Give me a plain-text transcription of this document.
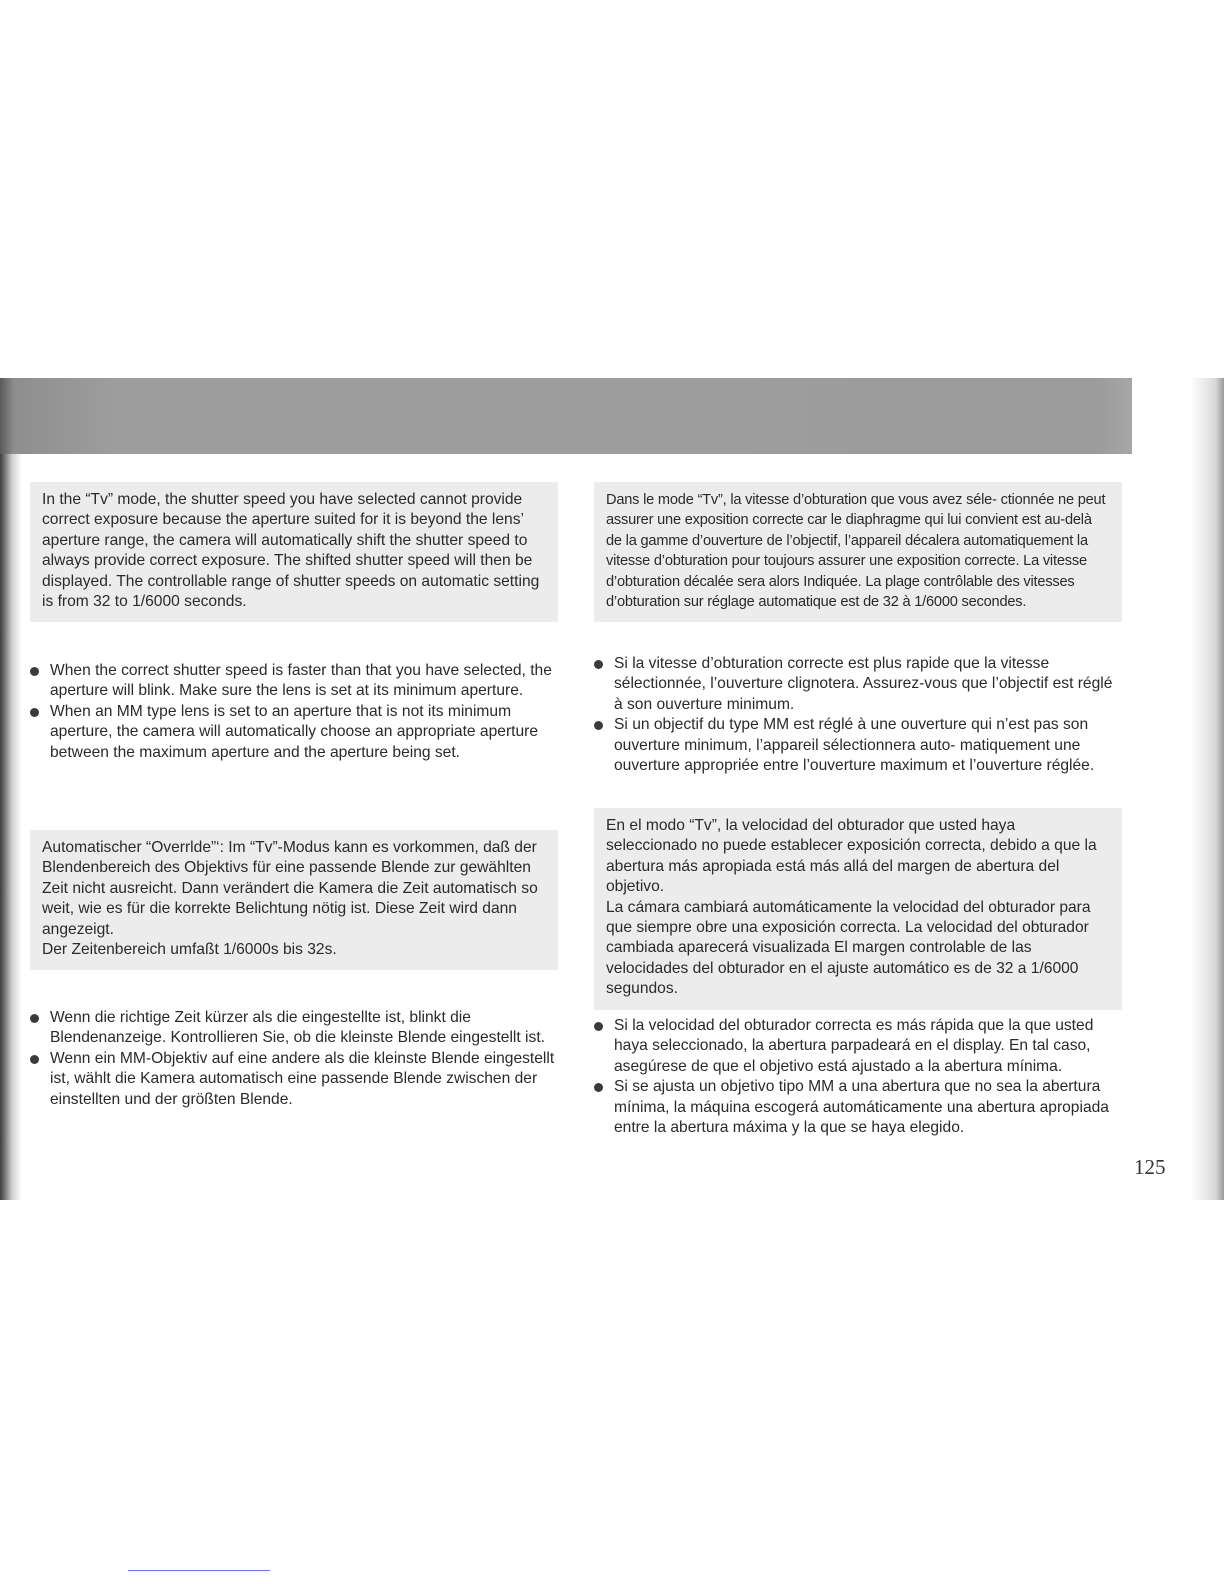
In the “Tv” mode, the shutter speed you have selected cannot provide correct exposure because the aperture suited for it is beyond the lens’ aperture range, the camera will automatically shift the shutter speed to always provide correct exposure. The shifted shutter speed will then be displayed. The controllable range of shutter speeds on automatic setting is from 32 to 1/6000 seconds.

When the correct shutter speed is faster than that you have selected, the aperture will blink. Make sure the lens is set at its minimum aperture.
When an MM type lens is set to an aperture that is not its minimum aperture, the camera will automatically choose an appropriate aperture between the maximum aperture and the aperture being set.

Automatischer “Overrlde”‘: Im “Tv”-Modus kann es vorkommen, daß der Blendenbereich des Objektivs für eine passende Blende zur gewählten Zeit nicht ausreicht. Dann verändert die Kamera die Zeit automatisch so weit, wie es für die korrekte Belichtung nötig ist. Diese Zeit wird dann angezeigt.
Der Zeitenbereich umfaßt 1/6000s bis 32s.

Wenn die richtige Zeit kürzer als die eingestellte ist, blinkt die Blendenanzeige. Kontrollieren Sie, ob die kleinste Blende eingestellt ist.
Wenn ein MM-Objektiv auf eine andere als die kleinste Blende eingestellt ist, wählt die Kamera automatisch eine passende Blende zwischen der einstellten und der größten Blende.

Dans le mode “Tv”, la vitesse d’obturation que vous avez séle- ctionnée ne peut assurer une exposition correcte car le diaphragme qui lui convient est au-delà de la gamme d’ouverture de l’objectif, l’appareil décalera automatiquement la vitesse d’obturation pour toujours assurer une exposition correcte. La vitesse d’obturation décalée sera alors Indiquée. La plage contrôlable des vitesses d’obturation sur réglage automatique est de 32 à 1/6000 secondes.

Si la vitesse d’obturation correcte est plus rapide que la vitesse sélectionnée, l’ouverture clignotera. Assurez-vous que l’objectif est réglé à son ouverture minimum.
Si un objectif du type MM est réglé à une ouverture qui n’est pas son ouverture minimum, l’appareil sélectionnera auto- matiquement une ouverture appropriée entre l’ouverture maximum et l’ouverture réglée.

En el modo “Tv”, la velocidad del obturador que usted haya seleccionado no puede establecer exposición correcta, debido a que la abertura más apropiada está más allá del margen de abertura del objetivo.
La cámara cambiará automáticamente la velocidad del obturador para que siempre obre una exposición correcta. La velocidad del obturador cambiada aparecerá visualizada El margen controlable de las velocidades del obturador en el ajuste automático es de 32 a 1/6000 segundos.

Si la velocidad del obturador correcta es más rápida que la que usted haya seleccionado, la abertura parpadeará en el display. En tal caso, asegúrese de que el objetivo está ajustado a la abertura mínima.
Si se ajusta un objetivo tipo MM a una abertura que no sea la abertura mínima, la máquina escogerá automáticamente una abertura apropiada entre la abertura máxima y la que se haya elegido.
125
